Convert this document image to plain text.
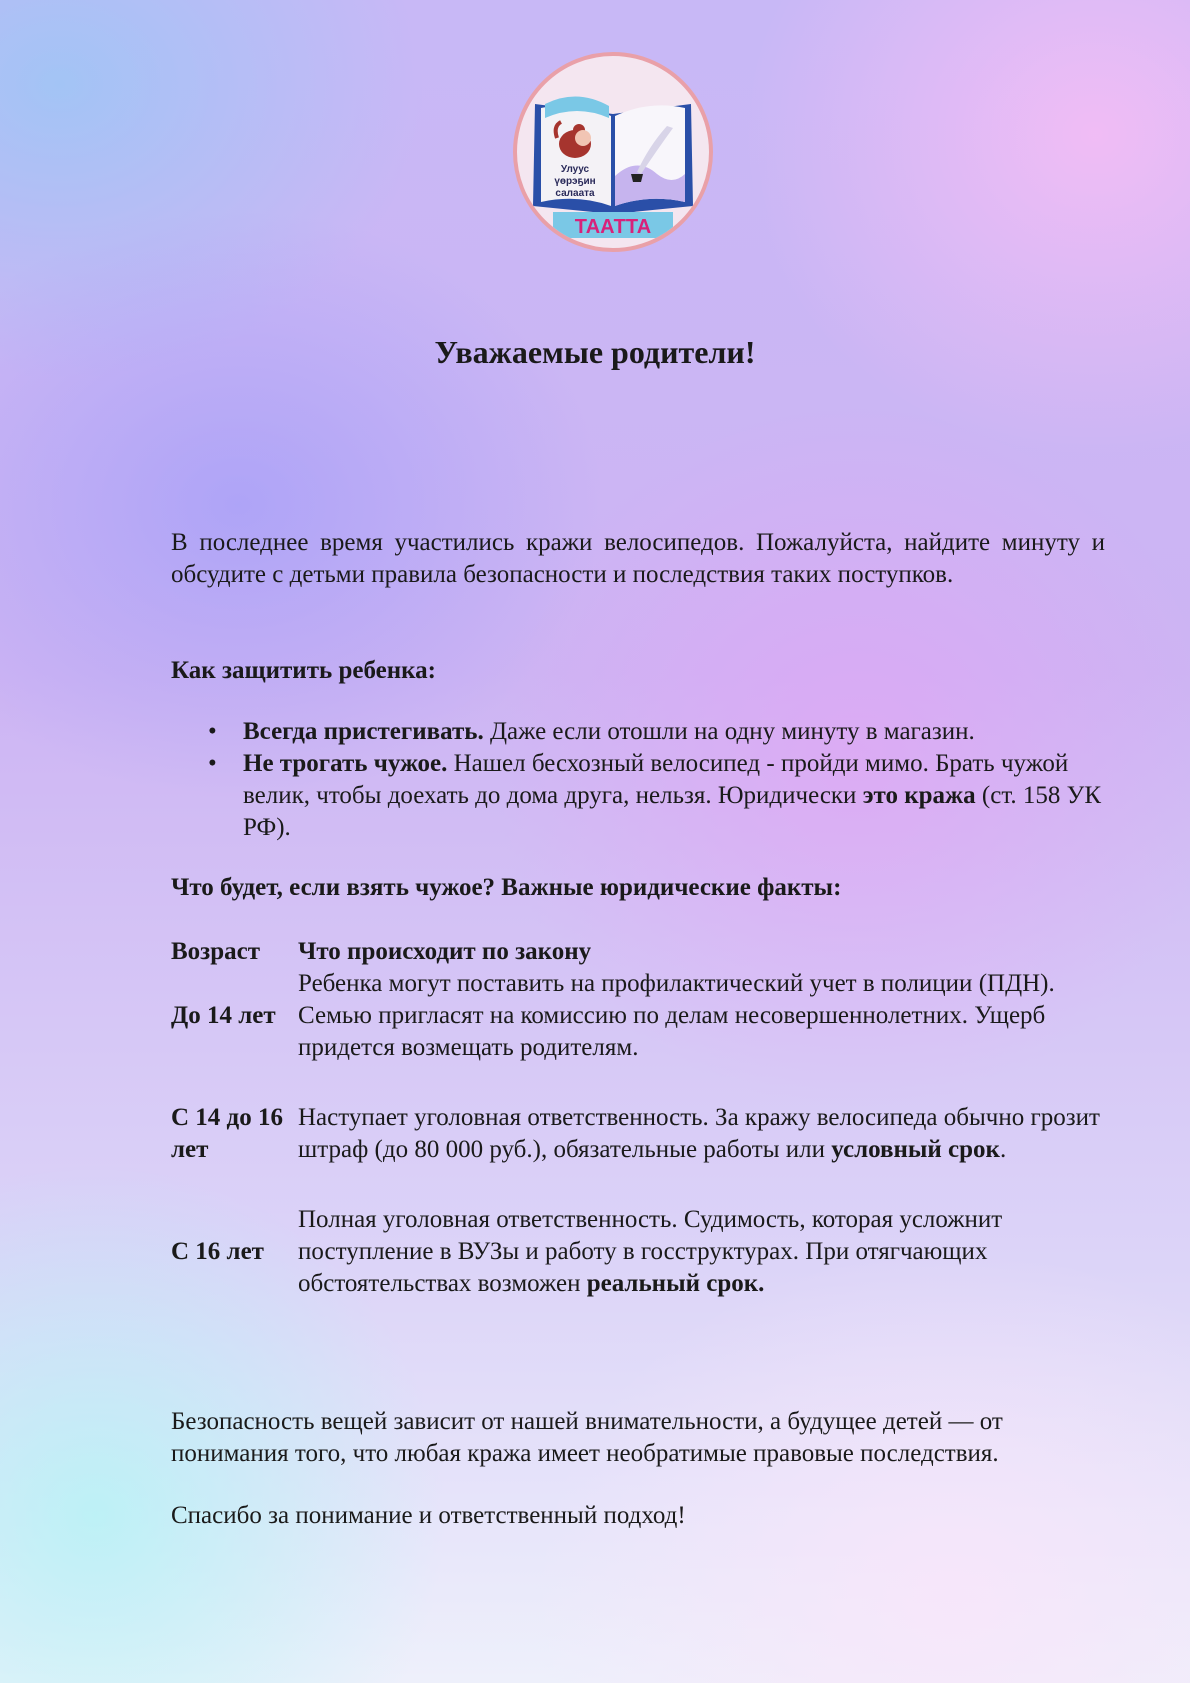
Улуус
үөрэҕин
салаата
ТААТТА
Уважаемые родители!

В последнее время участились кражи велосипедов. Пожалуйста, найдите минуту и обсудите с детьми правила безопасности и последствия таких поступков.

Как защитить ребенка:
• Всегда пристегивать. Даже если отошли на одну минуту в магазин.
• Не трогать чужое. Нашел бесхозный велосипед - пройди мимо. Брать чужой велик, чтобы доехать до дома друга, нельзя. Юридически это кража (ст. 158 УК РФ).
Что будет, если взять чужое? Важные юридические факты:
Возраст	Что происходит по закону
До 14 лет
Ребенка могут поставить на профилактический учет в полиции (ПДН). Семью пригласят на комиссию по делам несовершеннолетних. Ущерб придется возмещать родителям.
С 14 до 16 лет
Наступает уголовная ответственность. За кражу велосипеда обычно грозит штраф (до 80 000 руб.), обязательные работы или условный срок.
С 16 лет
Полная уголовная ответственность. Судимость, которая усложнит поступление в ВУЗы и работу в госструктурах. При отягчающих обстоятельствах возможен реальный срок.

Безопасность вещей зависит от нашей внимательности, а будущее детей — от понимания того, что любая кража имеет необратимые правовые последствия.

Спасибо за понимание и ответственный подход!
